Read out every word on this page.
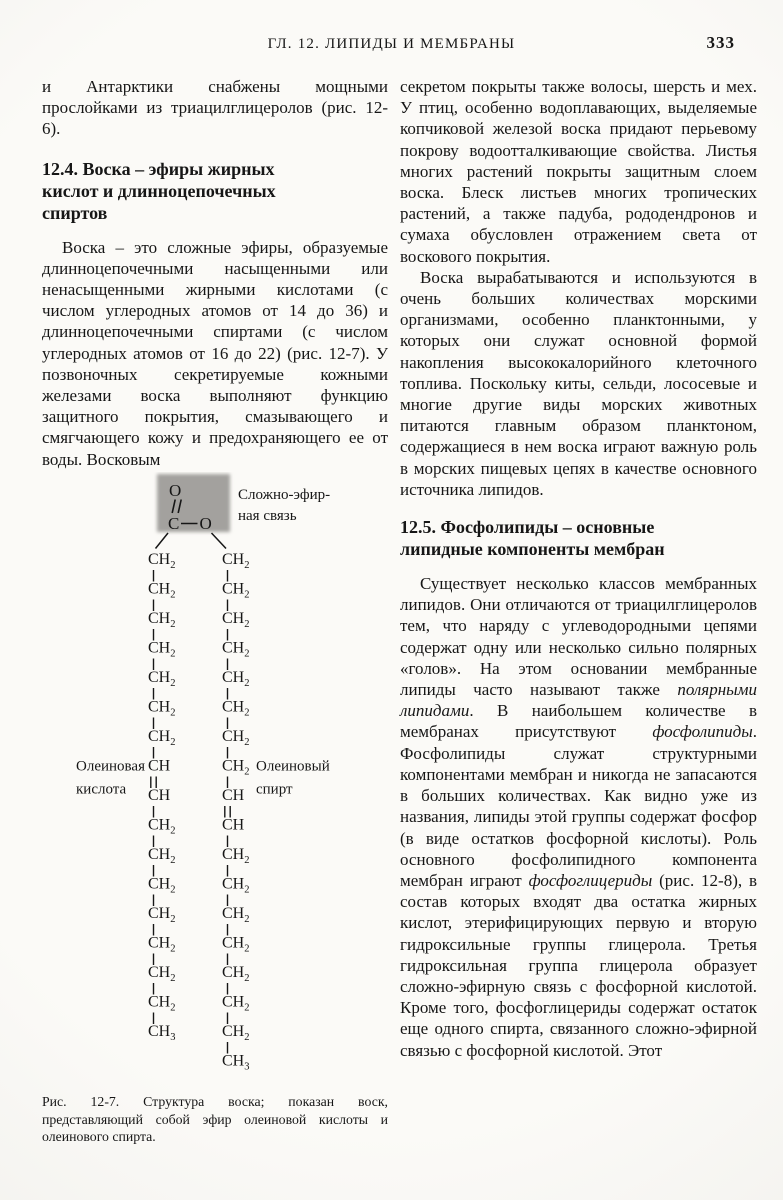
ГЛ. 12. ЛИПИДЫ И МЕМБРАНЫ	333

и Антарктики снабжены мощными прослойками из триацилглицеролов (рис. 12-6).

12.4. Воска – эфиры жирных кислот и длинноцепочечных спиртов

Воска – это сложные эфиры, образуемые длинноцепочечными насыщенными или ненасыщенными жирными кислотами (с числом углеродных атомов от 14 до 36) и длинноцепочечными спиртами (с числом углеродных атомов от 16 до 22) (рис. 12-7). У позвоночных секретируемые кожными железами воска выполняют функцию защитного покрытия, смазывающего и смягчающего кожу и предохраняющего ее от воды. Восковым

O
C O
Сложно-эфир-
ная связь
$CH_2$
$CH_2$
$CH_2$
$CH_2$
$CH_2$
$CH_2$
$CH_2$
CH
CH
$CH_2$
$CH_2$
$CH_2$
$CH_2$
$CH_2$
$CH_2$
$CH_2$
$CH_3$
$CH_2$
$CH_2$
$CH_2$
$CH_2$
$CH_2$
$CH_2$
$CH_2$
$CH_2$
CH
CH
$CH_2$
$CH_2$
$CH_2$
$CH_2$
$CH_2$
$CH_2$
$CH_2$
$CH_3$
Олеиновая
кислота
Олеиновый
спирт
Рис. 12-7. Структура воска; показан воск, представляющий собой эфир олеиновой кислоты и олеинового спирта.

секретом покрыты также волосы, шерсть и мех. У птиц, особенно водоплавающих, выделяемые копчиковой железой воска придают перьевому покрову водоотталкивающие свойства. Листья многих растений покрыты защитным слоем воска. Блеск листьев многих тропических растений, а также падуба, рододендронов и сумаха обусловлен отражением света от воскового покрытия.

Воска вырабатываются и используются в очень больших количествах морскими организмами, особенно планктонными, у которых они служат основной формой накопления высококалорийного клеточного топлива. Поскольку киты, сельди, лососевые и многие другие виды морских животных питаются главным образом планктоном, содержащиеся в нем воска играют важную роль в морских пищевых цепях в качестве основного источника липидов.

12.5. Фосфолипиды – основные липидные компоненты мембран

Существует несколько классов мембранных липидов. Они отличаются от триацилглицеролов тем, что наряду с углеводородными цепями содержат одну или несколько сильно полярных «голов». На этом основании мембранные липиды часто называют также полярными липидами. В наибольшем количестве в мембранах присутствуют фосфолипиды. Фосфолипиды служат структурными компонентами мембран и никогда не запасаются в больших количествах. Как видно уже из названия, липиды этой группы содержат фосфор (в виде остатков фосфорной кислоты). Роль основного фосфолипидного компонента мембран играют фосфоглицериды (рис. 12-8), в состав которых входят два остатка жирных кислот, этерифицирующих первую и вторую гидроксильные группы глицерола. Третья гидроксильная группа глицерола образует сложно-эфирную связь с фосфорной кислотой. Кроме того, фосфоглицериды содержат остаток еще одного спирта, связанного сложно-эфирной связью с фосфорной кислотой. Этот
